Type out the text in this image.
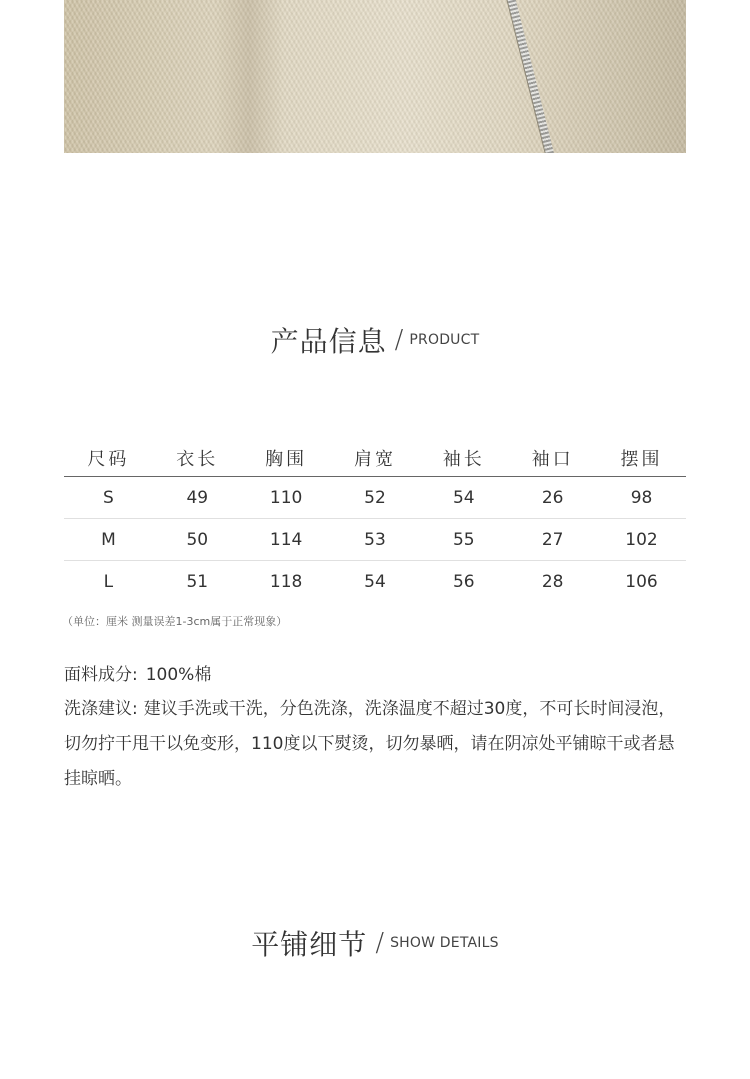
产品信息 / PRODUCT
尺码	衣长	胸围	肩宽	袖长	袖口	摆围
S	49	110	52	54	26	98
M	50	114	53	55	27	102
L	51	118	54	56	28	106
（单位：厘米 测量误差1-3cm属于正常现象）
面料成分: 100%棉
洗涤建议: 建议手洗或干洗，分色洗涤，洗涤温度不超过30度，不可长时间浸泡，切勿拧干甩干以免变形，110度以下熨烫，切勿暴晒，请在阴凉处平铺晾干或者悬挂晾晒。
平铺细节 / SHOW DETAILS
